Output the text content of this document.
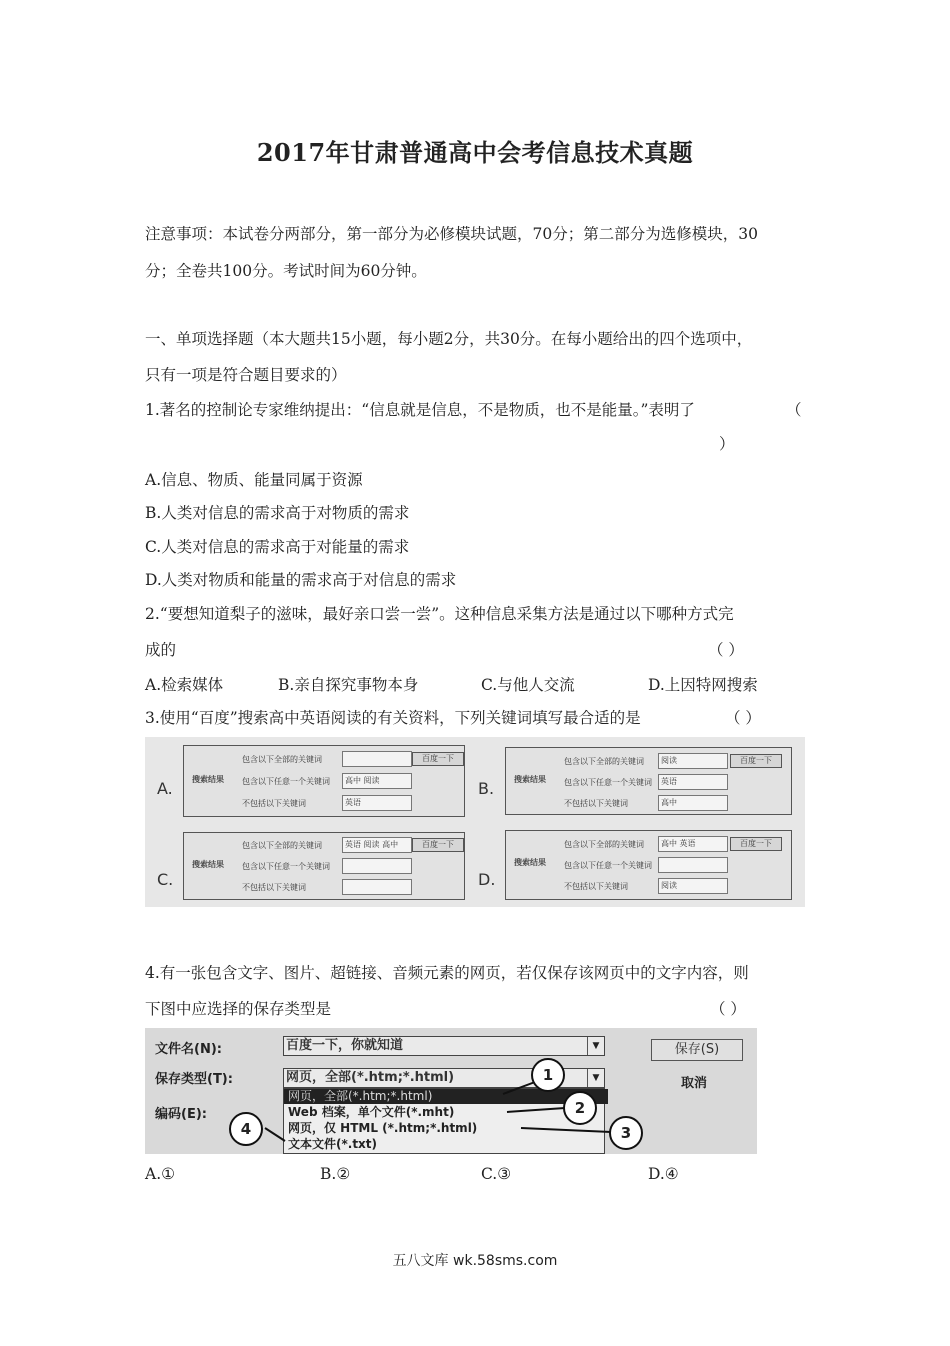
2017年甘肃普通高中会考信息技术真题
注意事项：本试卷分两部分，第一部分为必修模块试题，70分；第二部分为选修模块，30
分；全卷共100分。考试时间为60分钟。
一、单项选择题（本大题共15小题，每小题2分，共30分。在每小题给出的四个选项中，
只有一项是符合题目要求的）
1.著名的控制论专家维纳提出：“信息就是信息，不是物质，也不是能量。”表明了	（
）
A.信息、物质、能量同属于资源
B.人类对信息的需求高于对物质的需求
C.人类对信息的需求高于对能量的需求
D.人类对物质和能量的需求高于对信息的需求
2.“要想知道梨子的滋味，最好亲口尝一尝”。这种信息采集方法是通过以下哪种方式完
成的	（ ）
A.检索媒体	B.亲自探究事物本身	C.与他人交流	D.上因特网搜索
3.使用“百度”搜索高中英语阅读的有关资料，下列关键词填写最合适的是	（ ）
A. 搜索结果
包含以下全部的关键词
包含以下任意一个关键词
不包括以下关键词
高中 阅读
英语
百度一下
B. 搜索结果
包含以下全部的关键词
包含以下任意一个关键词
不包括以下关键词
阅读
英语
高中
百度一下
C.
搜索结果
包含以下全部的关键词
包含以下任意一个关键词
不包括以下关键词
英语 阅读 高中	百度一下
D.
搜索结果
包含以下全部的关键词
包含以下任意一个关键词
不包括以下关键词
高中 英语
阅读
百度一下
4.有一张包含文字、图片、超链接、音频元素的网页，若仅保存该网页中的文字内容，则
下图中应选择的保存类型是	（ ）
文件名(N):	百度一下，你就知道	▼
保存类型(T):	网页，全部(*.htm;*.html)	▼
编码(E):
网页，全部(*.htm;*.html)
Web 档案，单个文件(*.mht)
网页，仅 HTML (*.htm;*.html)
文本文件(*.txt)
保存(S)
取消
1
2
3
4
A.①	B.②	C.③	D.④
五八文库 wk.58sms.com
